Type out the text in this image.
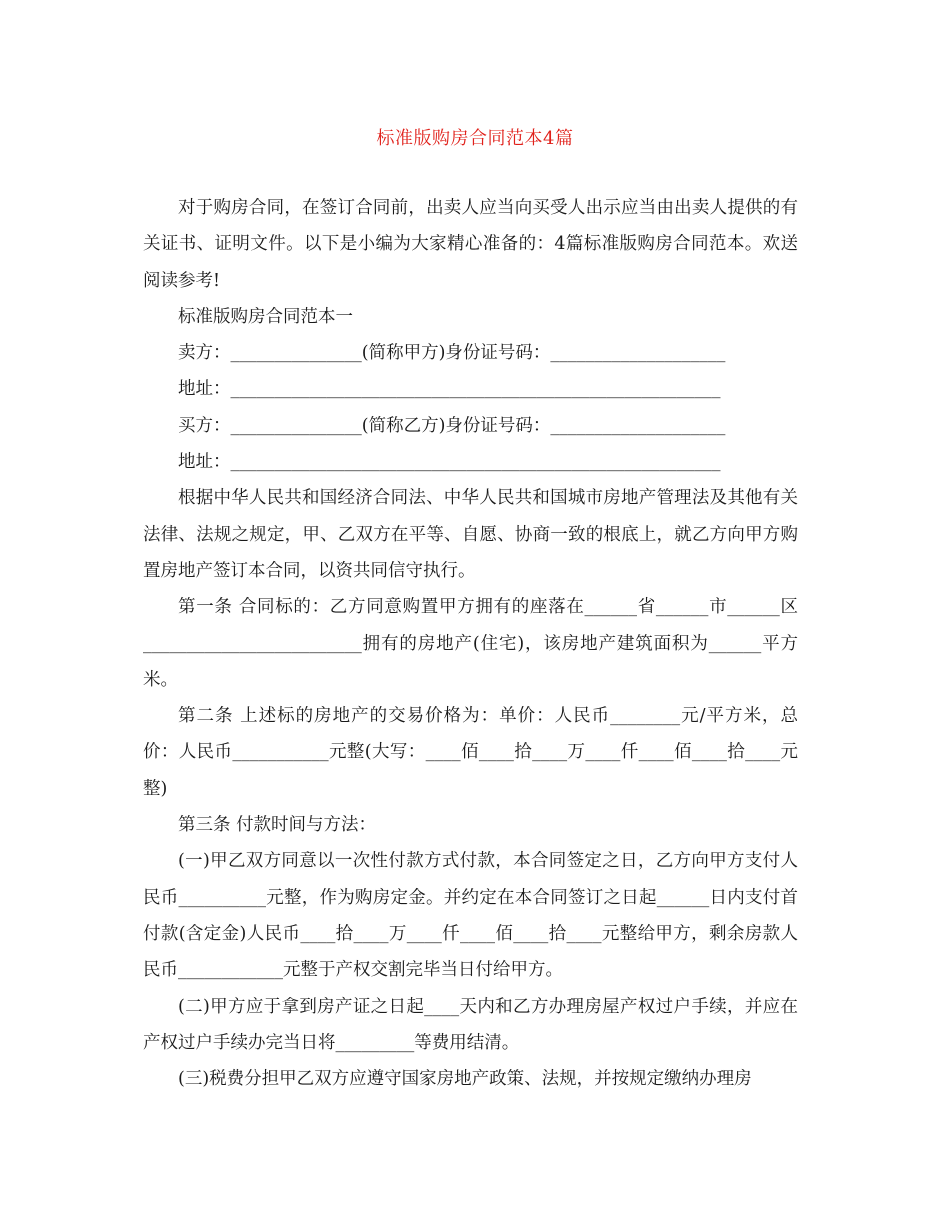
标准版购房合同范本4篇

对于购房合同，在签订合同前，出卖人应当向买受人出示应当由出卖人提供的有关证书、证明文件。以下是小编为大家精心准备的：4篇标准版购房合同范本。欢送阅读参考!

标准版购房合同范本一

卖方：_______________(简称甲方)身份证号码：____________________

地址：________________________________________________________

买方：_______________(简称乙方)身份证号码：____________________

地址：________________________________________________________

根据中华人民共和国经济合同法、中华人民共和国城市房地产管理法及其他有关法律、法规之规定，甲、乙双方在平等、自愿、协商一致的根底上，就乙方向甲方购置房地产签订本合同，以资共同信守执行。

第一条 合同标的：乙方同意购置甲方拥有的座落在______省______市______区_________________________拥有的房地产(住宅)，该房地产建筑面积为______平方米。

第二条 上述标的房地产的交易价格为：单价：人民币________元/平方米，总价：人民币___________元整(大写：____佰____拾____万____仟____佰____拾____元整)

第三条 付款时间与方法：

(一)甲乙双方同意以一次性付款方式付款，本合同签定之日，乙方向甲方支付人民币__________元整，作为购房定金。并约定在本合同签订之日起______日内支付首付款(含定金)人民币____拾____万____仟____佰____拾____元整给甲方，剩余房款人民币____________元整于产权交割完毕当日付给甲方。

(二)甲方应于拿到房产证之日起____天内和乙方办理房屋产权过户手续，并应在产权过户手续办完当日将_________等费用结清。

(三)税费分担甲乙双方应遵守国家房地产政策、法规，并按规定缴纳办理房
